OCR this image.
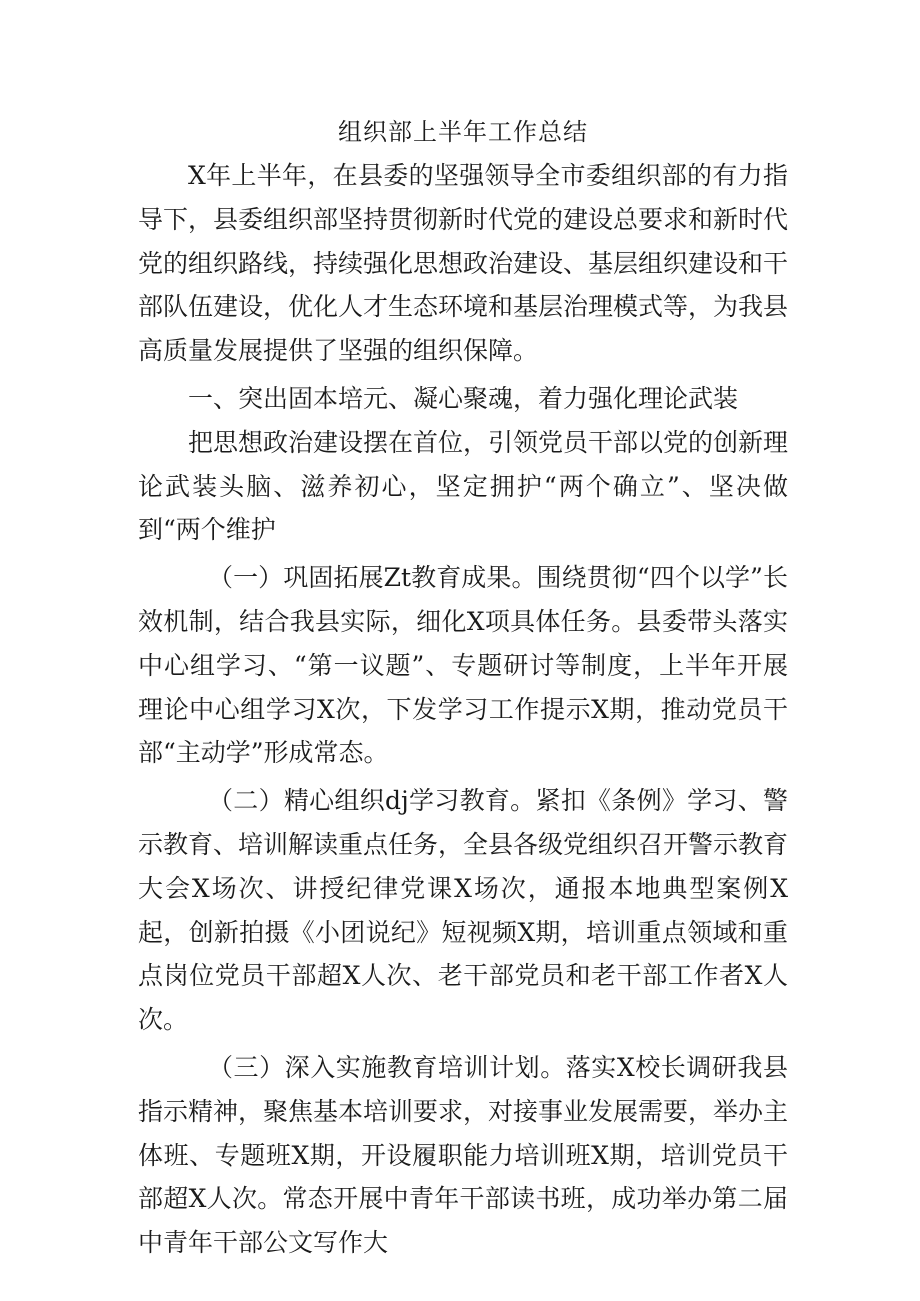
组织部上半年工作总结

X年上半年，在县委的坚强领导全市委组织部的有力指导下，县委组织部坚持贯彻新时代党的建设总要求和新时代党的组织路线，持续强化思想政治建设、基层组织建设和干部队伍建设，优化人才生态环境和基层治理模式等，为我县高质量发展提供了坚强的组织保障。

一、突出固本培元、凝心聚魂，着力强化理论武装

把思想政治建设摆在首位，引领党员干部以党的创新理论武装头脑、滋养初心，坚定拥护“两个确立”、坚决做到“两个维护

（一）巩固拓展Zt教育成果。围绕贯彻“四个以学”长效机制，结合我县实际，细化X项具体任务。县委带头落实中心组学习、“第一议题”、专题研讨等制度，上半年开展理论中心组学习X次，下发学习工作提示X期，推动党员干部“主动学”形成常态。

（二）精心组织dj学习教育。紧扣《条例》学习、警示教育、培训解读重点任务，全县各级党组织召开警示教育大会X场次、讲授纪律党课X场次，通报本地典型案例X起，创新拍摄《小团说纪》短视频X期，培训重点领域和重点岗位党员干部超X人次、老干部党员和老干部工作者X人次。

（三）深入实施教育培训计划。落实X校长调研我县指示精神，聚焦基本培训要求，对接事业发展需要，举办主体班、专题班X期，开设履职能力培训班X期，培训党员干部超X人次。常态开展中青年干部读书班，成功举办第二届中青年干部公文写作大
